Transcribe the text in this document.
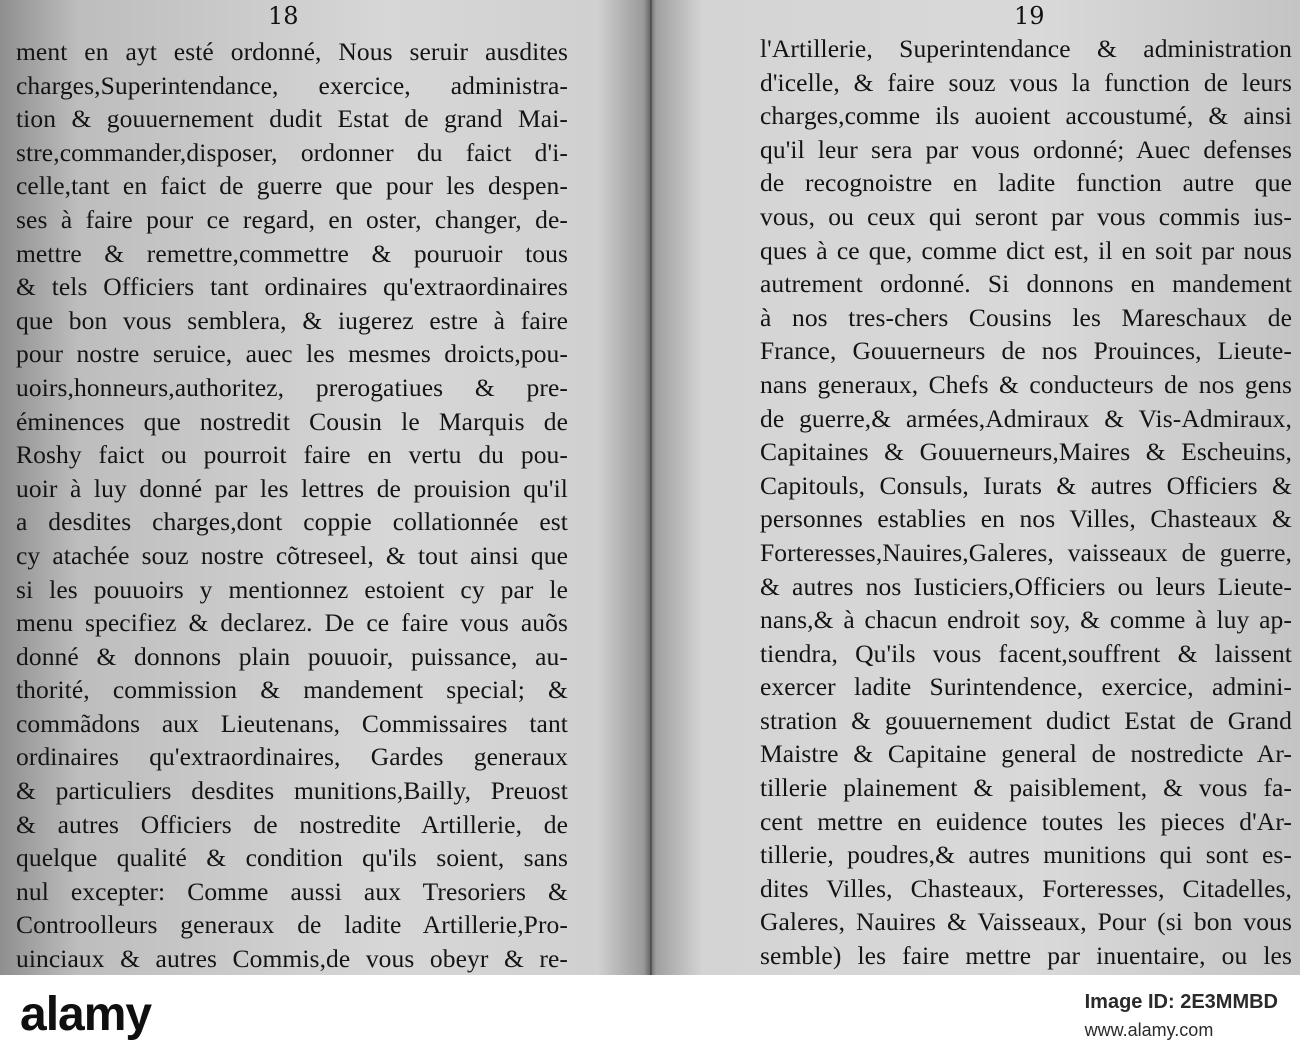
18

ment en ayt esté ordonné, Nous seruir ausdites
charges,Superintendance, exercice, administra-
tion & gouuernement dudit Estat de grand Mai-
stre,commander,disposer, ordonner du faict d'i-
celle,tant en faict de guerre que pour les despen-
ses à faire pour ce regard, en oster, changer, de-
mettre & remettre,commettre & pouruoir tous
& tels Officiers tant ordinaires qu'extraordinaires
que bon vous semblera, & iugerez estre à faire
pour nostre seruice, auec les mesmes droicts,pou-
uoirs,honneurs,authoritez, prerogatiues & pre-
éminences que nostredit Cousin le Marquis de
Roshy faict ou pourroit faire en vertu du pou-
uoir à luy donné par les lettres de prouision qu'il
a desdites charges,dont coppie collationnée est
cy atachée souz nostre cõtreseel, & tout ainsi que
si les pouuoirs y mentionnez estoient cy par le
menu specifiez & declarez. De ce faire vous auõs
donné & donnons plain pouuoir, puissance, au-
thorité, commission & mandement special; &
commãdons aux Lieutenans, Commissaires tant
ordinaires qu'extraordinaires, Gardes generaux
& particuliers desdites munitions,Bailly, Preuost
& autres Officiers de nostredite Artillerie, de
quelque qualité & condition qu'ils soient, sans
nul excepter: Comme aussi aux Tresoriers &
Controolleurs generaux de ladite Artillerie,Pro-
uinciaux & autres Commis,de vous obeyr & re-

19

l'Artillerie, Superintendance & administration
d'icelle, & faire souz vous la function de leurs
charges,comme ils auoient accoustumé, & ainsi
qu'il leur sera par vous ordonné; Auec defenses
de recognoistre en ladite function autre que
vous, ou ceux qui seront par vous commis ius-
ques à ce que, comme dict est, il en soit par nous
autrement ordonné. Si donnons en mandement
à nos tres-chers Cousins les Mareschaux de
France, Gouuerneurs de nos Prouinces, Lieute-
nans generaux, Chefs & conducteurs de nos gens
de guerre,& armées,Admiraux & Vis-Admiraux,
Capitaines & Gouuerneurs,Maires & Escheuins,
Capitouls, Consuls, Iurats & autres Officiers &
personnes establies en nos Villes, Chasteaux &
Forteresses,Nauires,Galeres, vaisseaux de guerre,
& autres nos Iusticiers,Officiers ou leurs Lieute-
nans,& à chacun endroit soy, & comme à luy ap-
tiendra, Qu'ils vous facent,souffrent & laissent
exercer ladite Surintendence, exercice, admini-
stration & gouuernement dudict Estat de Grand
Maistre & Capitaine general de nostredicte Ar-
tillerie plainement & paisiblement, & vous fa-
cent mettre en euidence toutes les pieces d'Ar-
tillerie, poudres,& autres munitions qui sont es-
dites Villes, Chasteaux, Forteresses, Citadelles,
Galeres, Nauires & Vaisseaux, Pour (si bon vous
semble) les faire mettre par inuentaire, ou les
alamy	Image ID: 2E3MMBD
www.alamy.com
